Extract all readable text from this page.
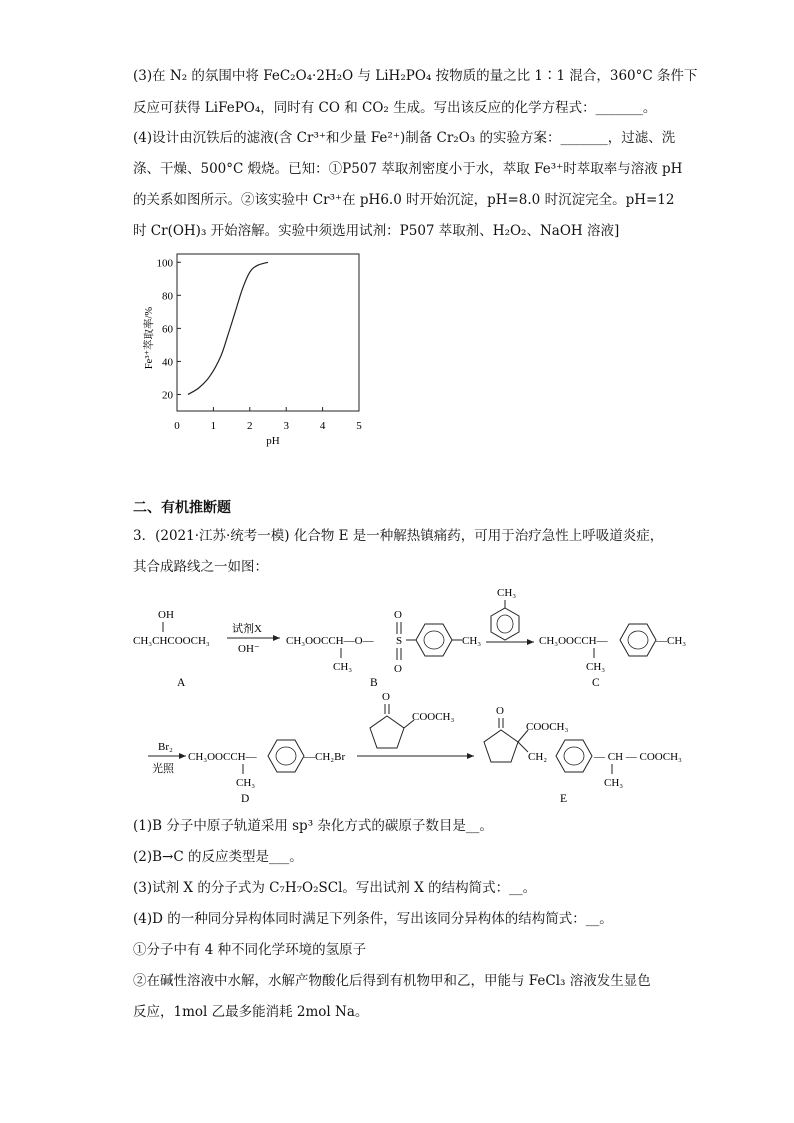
(3)在 N₂ 的氛围中将 FeC₂O₄·2H₂O 与 LiH₂PO₄ 按物质的量之比 1∶1 混合，360°C 条件下
反应可获得 LiFePO₄，同时有 CO 和 CO₂ 生成。写出该反应的化学方程式：_______。
(4)设计由沉铁后的滤液(含 Cr³⁺和少量 Fe²⁺)制备 Cr₂O₃ 的实验方案：_______，过滤、洗
涤、干燥、500°C 煅烧。已知：①P507 萃取剂密度小于水，萃取 Fe³⁺时萃取率与溶液 pH
的关系如图所示。②该实验中 Cr³⁺在 pH6.0 时开始沉淀，pH=8.0 时沉淀完全。pH=12
时 Cr(OH)₃ 开始溶解。实验中须选用试剂：P507 萃取剂、H₂O₂、NaOH 溶液]
20
40
60
80
100
0	1	2	3	4	5
pH
Fe³⁺萃取率/%
二、有机推断题
3．(2021·江苏·统考一模) 化合物 E 是一种解热镇痛药，可用于治疗急性上呼吸道炎症，
其合成路线之一如图：
OH
CH₃CHCOOCH₃
A
试剂X
OH⁻
CH₃OOCCH—O—
CH₃
S
O
O
CH₃
B
CH₃
CH₃OOCCH—
CH₃
—CH₃
C
Br₂
光照
CH₃OOCCH—
CH₃
—CH₂Br
D
O
COOCH₃	O
COOCH₃
CH₂	— CH — COOCH₃
CH₃
E
(1)B 分子中原子轨道采用 sp³ 杂化方式的碳原子数目是__。
(2)B→C 的反应类型是___。
(3)试剂 X 的分子式为 C₇H₇O₂SCl。写出试剂 X 的结构简式：__。
(4)D 的一种同分异构体同时满足下列条件，写出该同分异构体的结构简式：__。
①分子中有 4 种不同化学环境的氢原子
②在碱性溶液中水解，水解产物酸化后得到有机物甲和乙，甲能与 FeCl₃ 溶液发生显色
反应，1mol 乙最多能消耗 2mol Na。
